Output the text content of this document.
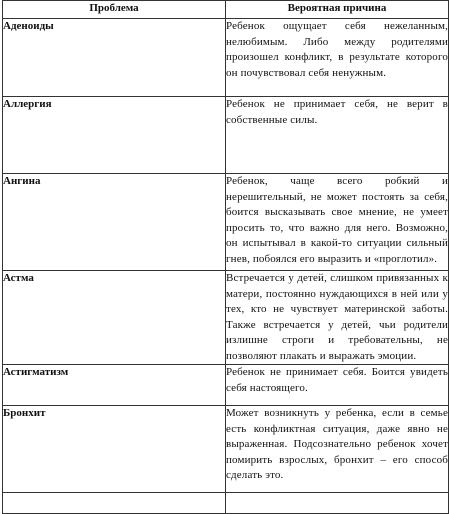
Проблема	Вероятная причина
Аденоиды	Ребенок ощущает себя нежеланным, нелюбимым. Либо между родителями произошел конфликт, в результате которого он почувствовал себя ненужным.
Аллергия	Ребенок не принимает себя, не верит в собственные силы.
Ангина	Ребенок, чаще всего робкий и нерешительный, не может постоять за себя, боится высказывать свое мнение, не умеет просить то, что важно для него. Возможно, он испытывал в какой-то ситуации сильный гнев, побоялся его выразить и «проглотил».
Астма	Встречается у детей, слишком привязанных к матери, постоянно нуждающихся в ней или у тех, кто не чувствует материнской заботы. Также встречается у детей, чьи родители излишне строги и требовательны, не позволяют плакать и выражать эмоции.
Астигматизм	Ребенок не принимает себя. Боится увидеть себя настоящего.
Бронхит	Может возникнуть у ребенка, если в семье есть конфликтная ситуация, даже явно не выраженная. Подсознательно ребенок хочет помирить взрослых, бронхит – его способ сделать это.
